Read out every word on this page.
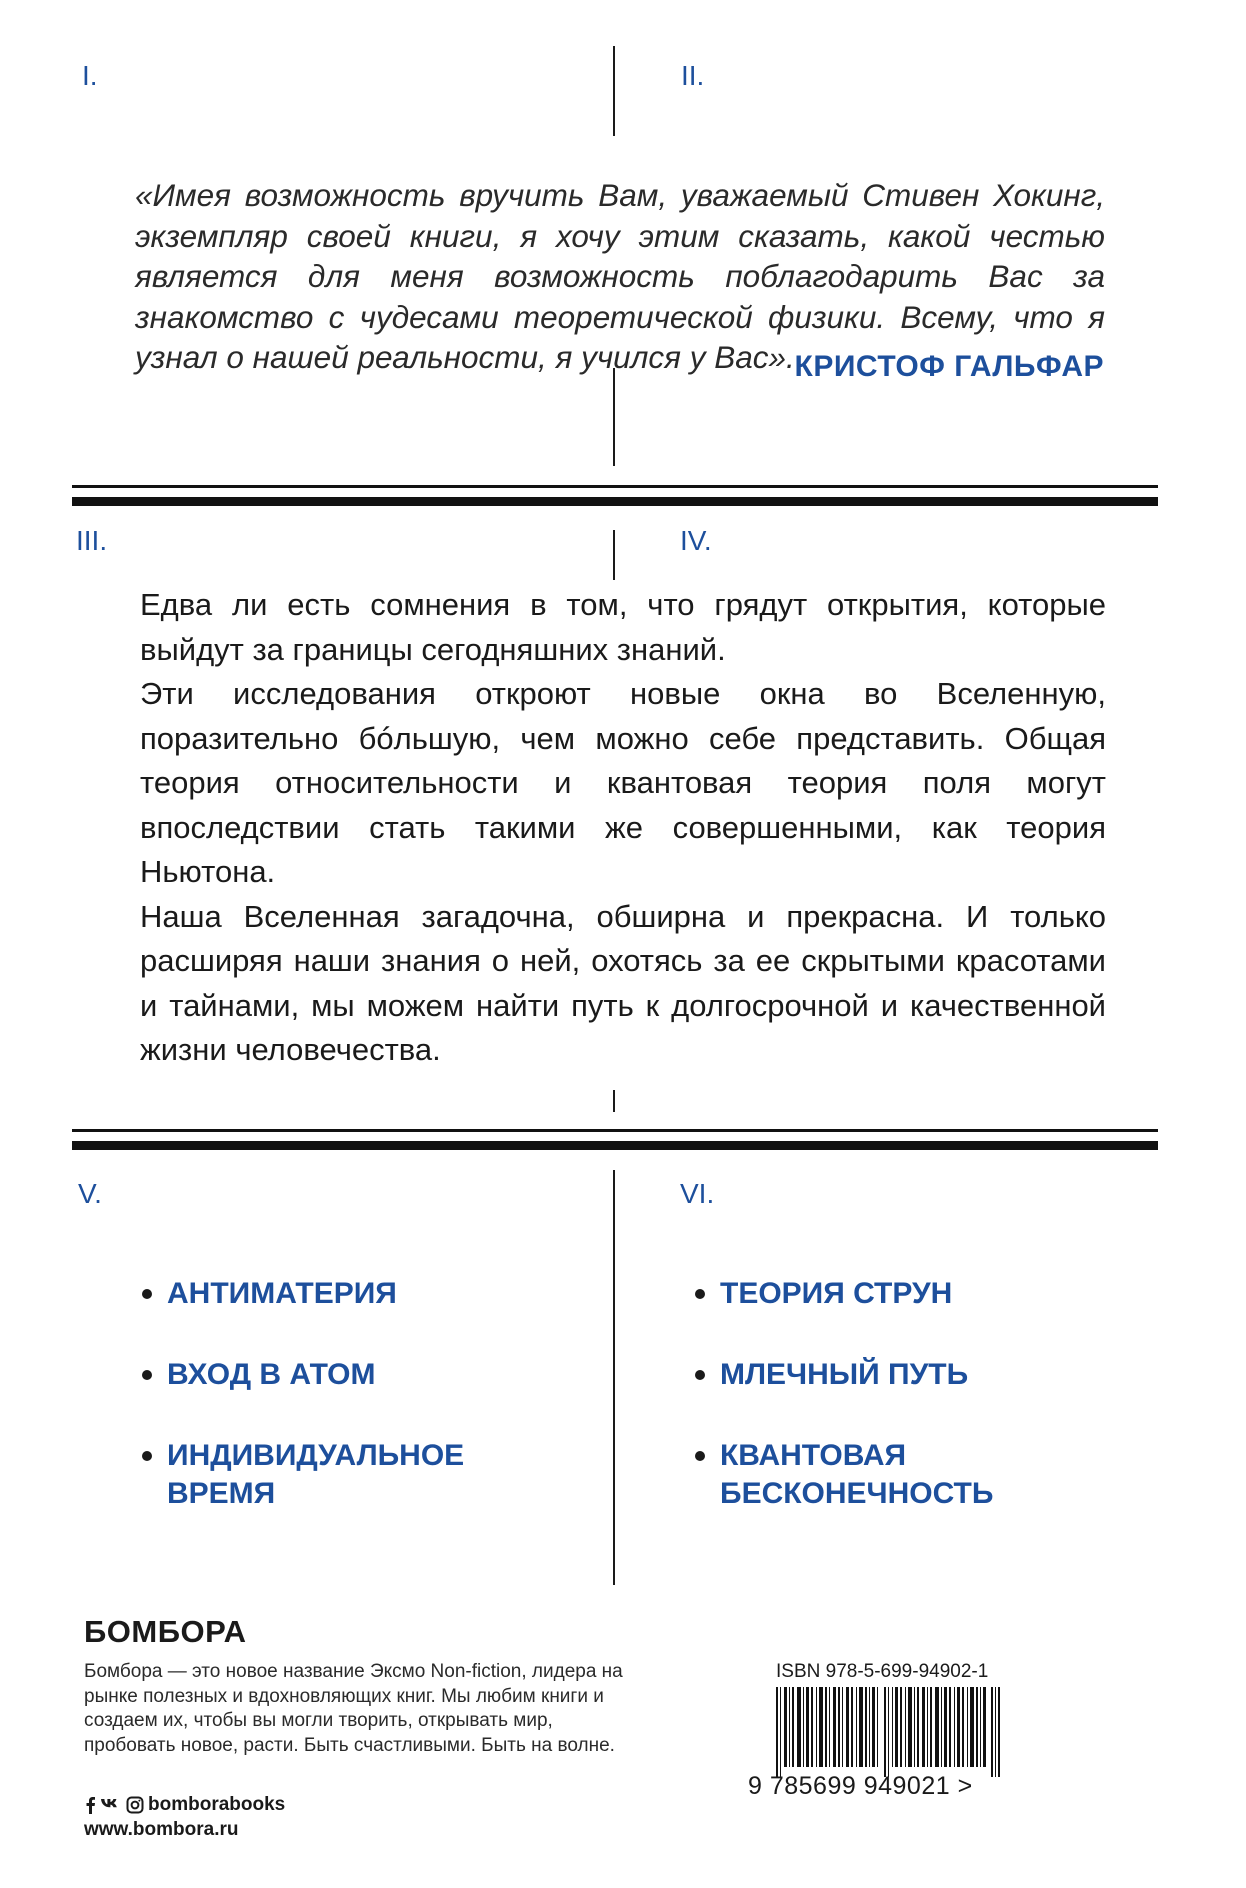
I.	II.
III.	IV.
V.	VI.
«Имея возможность вручить Вам, уважаемый Стивен Хокинг, экземпляр своей книги, я хочу этим сказать, какой честью является для меня возможность поблагодарить Вас за знакомство с чудесами теоретической физики. Всему, что я узнал о нашей реальности, я учился у Вас». КРИСТОФ ГАЛЬФАР

Едва ли есть сомнения в том, что грядут открытия, которые выйдут за границы сегодняшних знаний.

Эти исследования откроют новые окна во Вселенную, поразительно бóльшую, чем можно себе представить. Общая теория относительности и квантовая теория поля могут впоследствии стать такими же совершенными, как теория Ньютона.

Наша Вселенная загадочна, обширна и прекрасна. И только расширяя наши знания о ней, охотясь за ее скрытыми красотами и тайнами, мы можем найти путь к долгосрочной и качественной жизни человечества.

АНТИМАТЕРИЯ
ВХОД В АТОМ
ИНДИВИДУАЛЬНОЕ ВРЕМЯ
ТЕОРИЯ СТРУН
МЛЕЧНЫЙ ПУТЬ
КВАНТОВАЯ БЕСКОНЕЧНОСТЬ
БОМБОРА
Бомбора — это новое название Эксмо Non-fiction, лидера на рынке полезных и вдохновляющих книг. Мы любим книги и создаем их, чтобы вы могли творить, открывать мир, пробовать новое, расти. Быть счастливыми. Быть на волне.
bomborabooks
www.bombora.ru
ISBN 978-5-699-94902-1
9 785699 949021 >
